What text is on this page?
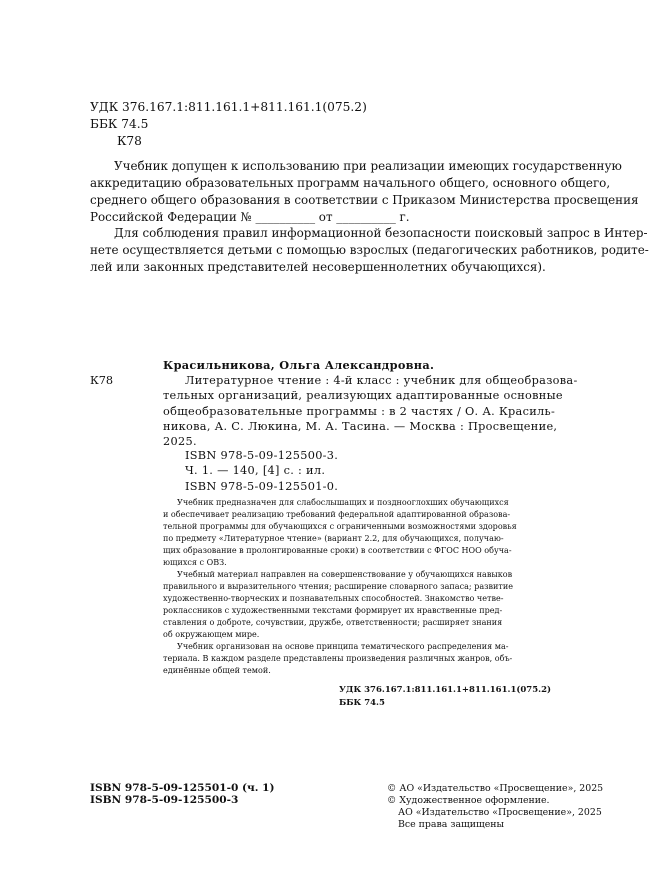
УДК 376.167.1:811.161.1+811.161.1(075.2)
ББК 74.5
К78
Учебник допущен к использованию при реализации имеющих государственную
аккредитацию образовательных программ начального общего, основного общего,
среднего общего образования в соответствии с Приказом Министерства просвещения
Российской Федерации № __________ от __________ г.
Для соблюдения правил информационной безопасности поисковый запрос в Интер-
нете осуществляется детьми с помощью взрослых (педагогических работников, родите-
лей или законных представителей несовершеннолетних обучающихся).
Красильникова, Ольга Александровна.
К78	Литературное чтение : 4-й класс : учебник для общеобразова-
тельных организаций, реализующих адаптированные основные
общеобразовательные программы : в 2 частях / О. А. Красиль-
никова, А. С. Люкина, М. А. Тасина. — Москва : Просвещение,
2025.
ISBN 978-5-09-125500-3.
Ч. 1. — 140, [4] с. : ил.
ISBN 978-5-09-125501-0.
Учебник предназначен для слабослышащих и позднооглохших обучающихся
и обеспечивает реализацию требований федеральной адаптированной образова-
тельной программы для обучающихся с ограниченными возможностями здоровья
по предмету «Литературное чтение» (вариант 2.2, для обучающихся, получаю-
щих образование в пролонгированные сроки) в соответствии с ФГОС НОО обуча-
ющихся с ОВЗ.
Учебный материал направлен на совершенствование у обучающихся навыков
правильного и выразительного чтения; расширение словарного запаса; развитие
художественно-творческих и познавательных способностей. Знакомство четве-
роклассников с художественными текстами формирует их нравственные пред-
ставления о доброте, сочувствии, дружбе, ответственности; расширяет знания
об окружающем мире.
Учебник организован на основе принципа тематического распределения ма-
териала. В каждом разделе представлены произведения различных жанров, объ-
единённые общей темой.
УДК 376.167.1:811.161.1+811.161.1(075.2)
ББК 74.5
ISBN 978-5-09-125501-0 (ч. 1)
ISBN 978-5-09-125500-3
© АО «Издательство «Просвещение», 2025
© Художественное оформление.
АО «Издательство «Просвещение», 2025
Все права защищены
